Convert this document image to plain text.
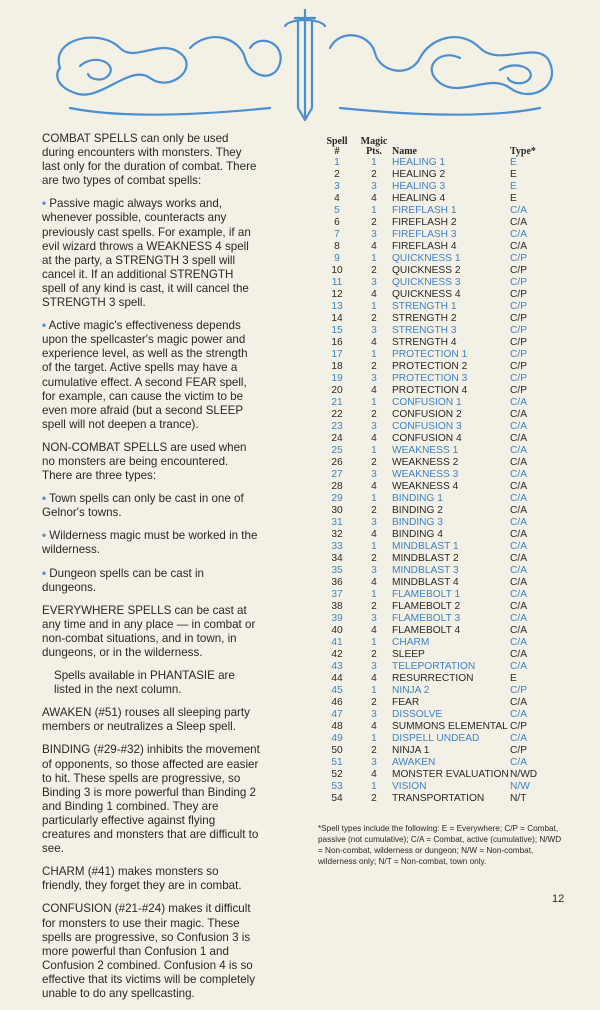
COMBAT SPELLS can only be used during encounters with monsters. They last only for the duration of combat. There are two types of combat spells:

• Passive magic always works and, whenever possible, counteracts any previously cast spells. For example, if an evil wizard throws a WEAKNESS 4 spell at the party, a STRENGTH 3 spell will cancel it. If an additional STRENGTH spell of any kind is cast, it will cancel the STRENGTH 3 spell.

• Active magic's effectiveness depends upon the spellcaster's magic power and experience level, as well as the strength of the target. Active spells may have a cumulative effect. A second FEAR spell, for example, can cause the victim to be even more afraid (but a second SLEEP spell will not deepen a trance).

NON-COMBAT SPELLS are used when no monsters are being encountered. There are three types:

• Town spells can only be cast in one of Gelnor's towns.

• Wilderness magic must be worked in the wilderness.

• Dungeon spells can be cast in dungeons.

EVERYWHERE SPELLS can be cast at any time and in any place — in combat or non-combat situations, and in town, in dungeons, or in the wilderness.

Spells available in PHANTASIE are listed in the next column.

AWAKEN (#51) rouses all sleeping party members or neutralizes a Sleep spell.

BINDING (#29-#32) inhibits the movement of opponents, so those affected are easier to hit. These spells are progressive, so Binding 3 is more powerful than Binding 2 and Binding 1 combined. They are particularly effective against flying creatures and monsters that are difficult to see.

CHARM (#41) makes monsters so friendly, they forget they are in combat.

CONFUSION (#21-#24) makes it difficult for monsters to use their magic. These spells are progressive, so Confusion 3 is more powerful than Confusion 1 and Confusion 2 combined. Confusion 4 is so effective that its victims will be completely unable to do any spellcasting.

Spell
#	Magic
Pts.	Name	Type*
1	1	HEALING 1	E
2	2	HEALING 2	E
3	3	HEALING 3	E
4	4	HEALING 4	E
5	1	FIREFLASH 1	C/A
6	2	FIREFLASH 2	C/A
7	3	FIREFLASH 3	C/A
8	4	FIREFLASH 4	C/A
9	1	QUICKNESS 1	C/P
10	2	QUICKNESS 2	C/P
11	3	QUICKNESS 3	C/P
12	4	QUICKNESS 4	C/P
13	1	STRENGTH 1	C/P
14	2	STRENGTH 2	C/P
15	3	STRENGTH 3	C/P
16	4	STRENGTH 4	C/P
17	1	PROTECTION 1	C/P
18	2	PROTECTION 2	C/P
19	3	PROTECTION 3	C/P
20	4	PROTECTION 4	C/P
21	1	CONFUSION 1	C/A
22	2	CONFUSION 2	C/A
23	3	CONFUSION 3	C/A
24	4	CONFUSION 4	C/A
25	1	WEAKNESS 1	C/A
26	2	WEAKNESS 2	C/A
27	3	WEAKNESS 3	C/A
28	4	WEAKNESS 4	C/A
29	1	BINDING 1	C/A
30	2	BINDING 2	C/A
31	3	BINDING 3	C/A
32	4	BINDING 4	C/A
33	1	MINDBLAST 1	C/A
34	2	MINDBLAST 2	C/A
35	3	MINDBLAST 3	C/A
36	4	MINDBLAST 4	C/A
37	1	FLAMEBOLT 1	C/A
38	2	FLAMEBOLT 2	C/A
39	3	FLAMEBOLT 3	C/A
40	4	FLAMEBOLT 4	C/A
41	1	CHARM	C/A
42	2	SLEEP	C/A
43	3	TELEPORTATION	C/A
44	4	RESURRECTION	E
45	1	NINJA 2	C/P
46	2	FEAR	C/A
47	3	DISSOLVE	C/A
48	4	SUMMONS ELEMENTAL	C/P
49	1	DISPELL UNDEAD	C/A
50	2	NINJA 1	C/P
51	3	AWAKEN	C/A
52	4	MONSTER EVALUATION	N/WD
53	1	VISION	N/W
54	2	TRANSPORTATION	N/T
*Spell types include the following: E = Everywhere; C/P = Combat, passive (not cumulative); C/A = Combat, active (cumulative); N/WD = Non-combat, wilderness or dungeon; N/W = Non-combat, wilderness only; N/T = Non-combat, town only.
12
